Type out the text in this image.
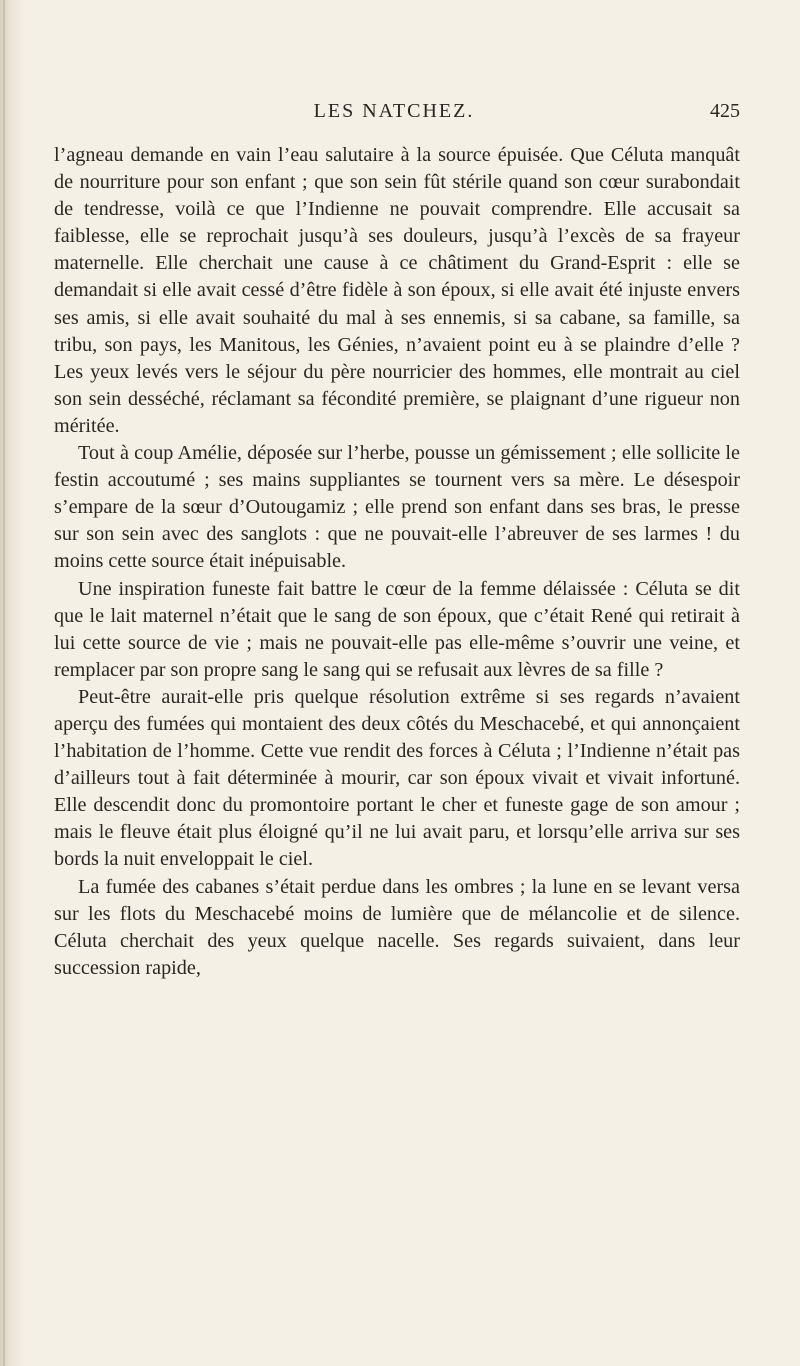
LES NATCHEZ.	425

l’agneau demande en vain l’eau salutaire à la source épuisée. Que Céluta manquât de nourriture pour son enfant ; que son sein fût stérile quand son cœur surabondait de tendresse, voilà ce que l’Indienne ne pouvait comprendre. Elle accusait sa faiblesse, elle se reprochait jusqu’à ses douleurs, jusqu’à l’excès de sa frayeur maternelle. Elle cherchait une cause à ce châtiment du Grand-Esprit : elle se demandait si elle avait cessé d’être fidèle à son époux, si elle avait été injuste envers ses amis, si elle avait souhaité du mal à ses ennemis, si sa cabane, sa famille, sa tribu, son pays, les Manitous, les Génies, n’avaient point eu à se plaindre d’elle ? Les yeux levés vers le séjour du père nourricier des hommes, elle montrait au ciel son sein desséché, réclamant sa fécondité première, se plaignant d’une rigueur non méritée.

Tout à coup Amélie, déposée sur l’herbe, pousse un gémissement ; elle sollicite le festin accoutumé ; ses mains suppliantes se tournent vers sa mère. Le désespoir s’empare de la sœur d’Outougamiz ; elle prend son enfant dans ses bras, le presse sur son sein avec des sanglots : que ne pouvait-elle l’abreuver de ses larmes ! du moins cette source était inépuisable.

Une inspiration funeste fait battre le cœur de la femme délaissée : Céluta se dit que le lait maternel n’était que le sang de son époux, que c’était René qui retirait à lui cette source de vie ; mais ne pouvait-elle pas elle-même s’ouvrir une veine, et remplacer par son propre sang le sang qui se refusait aux lèvres de sa fille ?

Peut-être aurait-elle pris quelque résolution extrême si ses regards n’avaient aperçu des fumées qui montaient des deux côtés du Meschacebé, et qui annonçaient l’habitation de l’homme. Cette vue rendit des forces à Céluta ; l’Indienne n’était pas d’ailleurs tout à fait déterminée à mourir, car son époux vivait et vivait infortuné. Elle descendit donc du promontoire portant le cher et funeste gage de son amour ; mais le fleuve était plus éloigné qu’il ne lui avait paru, et lorsqu’elle arriva sur ses bords la nuit enveloppait le ciel.

La fumée des cabanes s’était perdue dans les ombres ; la lune en se levant versa sur les flots du Meschacebé moins de lumière que de mélancolie et de silence. Céluta cherchait des yeux quelque nacelle. Ses regards suivaient, dans leur succession rapide,
